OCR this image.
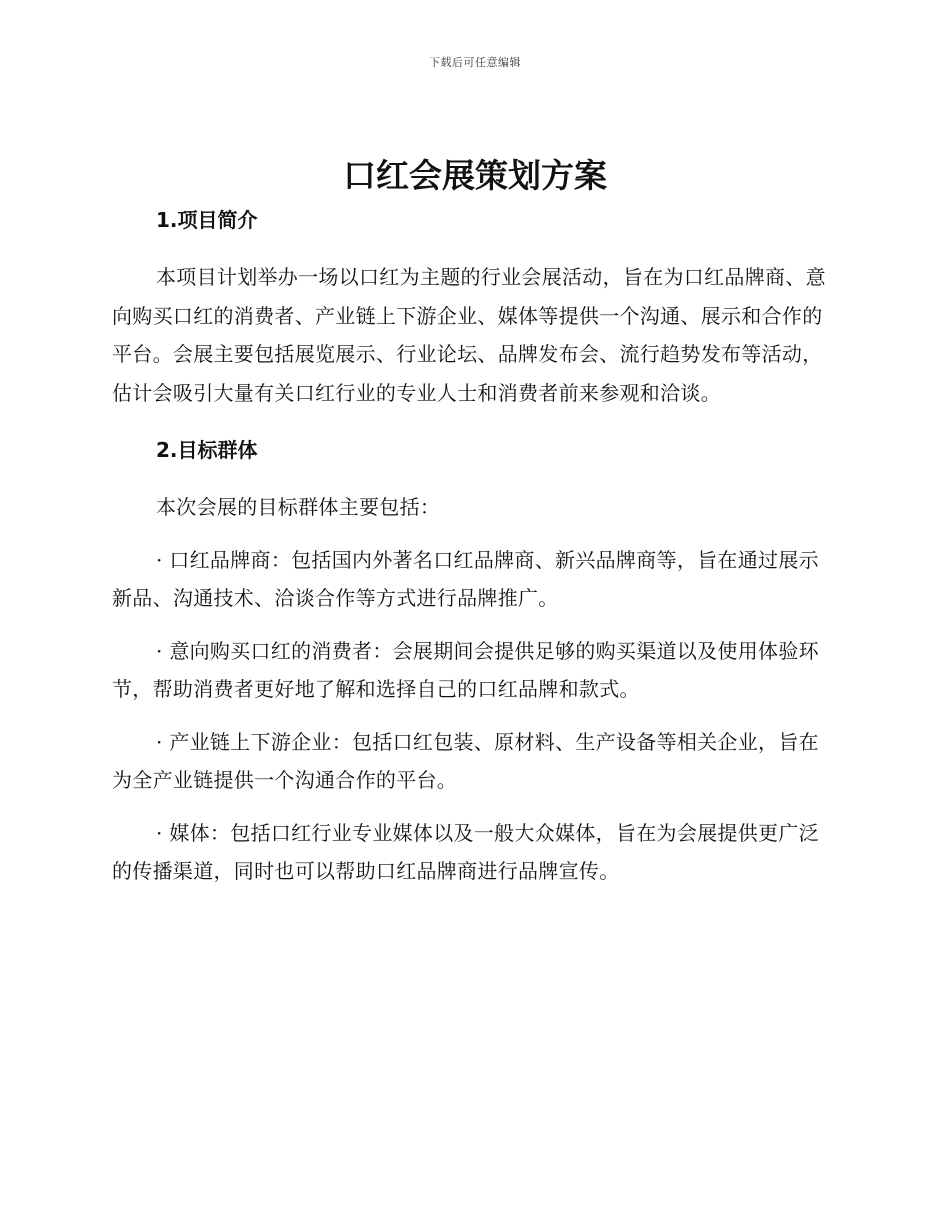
下载后可任意编辑
口红会展策划方案
1.项目简介

本项目计划举办一场以口红为主题的行业会展活动，旨在为口红品牌商、意向购买口红的消费者、产业链上下游企业、媒体等提供一个沟通、展示和合作的平台。会展主要包括展览展示、行业论坛、品牌发布会、流行趋势发布等活动，估计会吸引大量有关口红行业的专业人士和消费者前来参观和洽谈。

2.目标群体

本次会展的目标群体主要包括：

· 口红品牌商：包括国内外著名口红品牌商、新兴品牌商等，旨在通过展示新品、沟通技术、洽谈合作等方式进行品牌推广。

· 意向购买口红的消费者：会展期间会提供足够的购买渠道以及使用体验环节，帮助消费者更好地了解和选择自己的口红品牌和款式。

· 产业链上下游企业：包括口红包装、原材料、生产设备等相关企业，旨在为全产业链提供一个沟通合作的平台。

· 媒体：包括口红行业专业媒体以及一般大众媒体，旨在为会展提供更广泛的传播渠道，同时也可以帮助口红品牌商进行品牌宣传。
